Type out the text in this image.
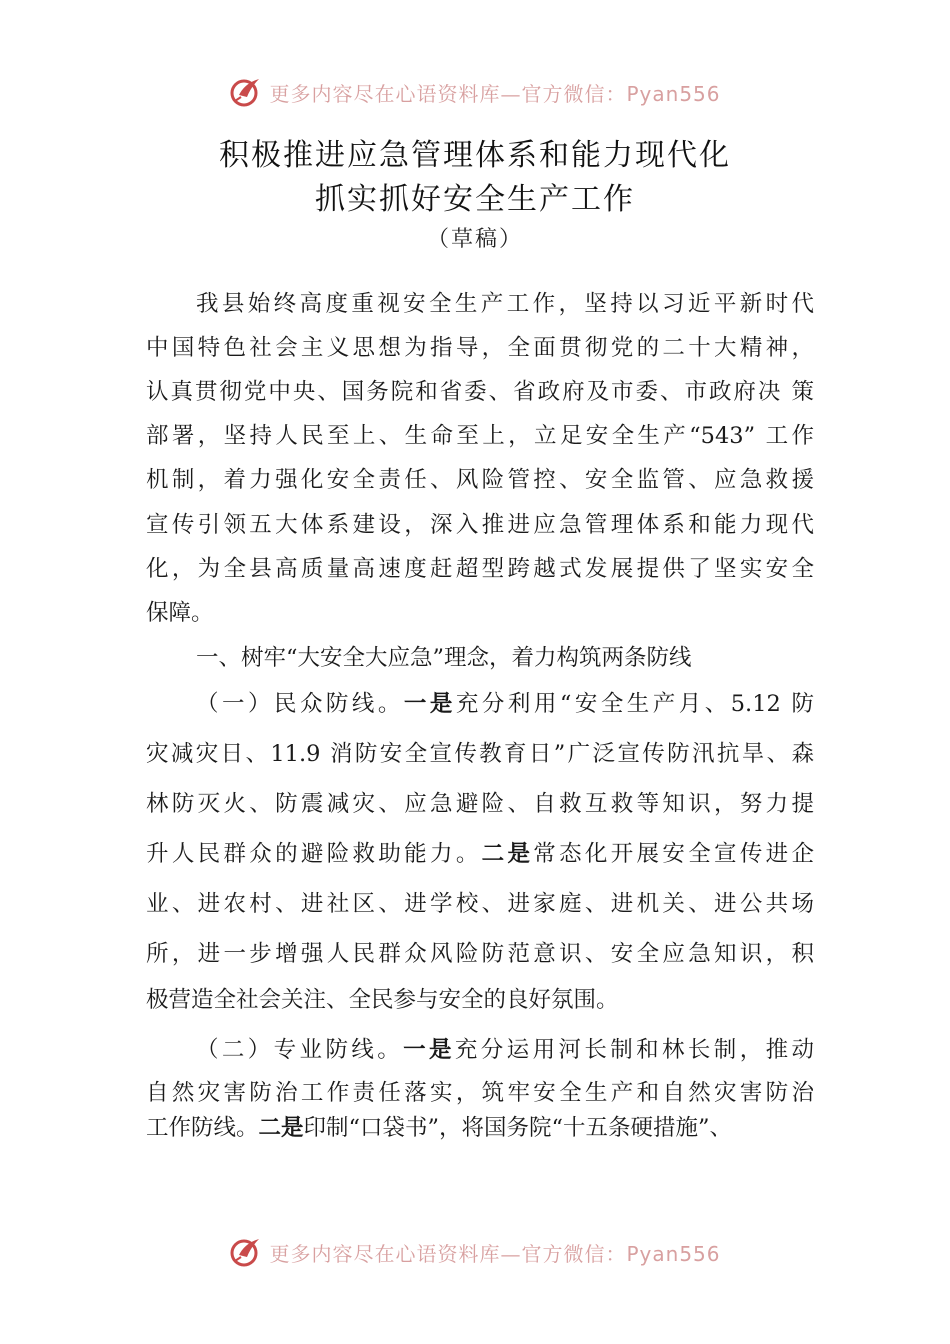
更多内容尽在心语资料库—官方微信：Pyan556
积极推进应急管理体系和能力现代化
抓实抓好安全生产工作
（草稿）
我县始终高度重视安全生产工作，坚持以习近平新时代
中国特色社会主义思想为指导，全面贯彻党的二十大精神，
认真贯彻党中央、国务院和省委、省政府及市委、市政府决 策
部署，坚持人民至上、生命至上，立足安全生产“543” 工作
机制，着力强化安全责任、风险管控、安全监管、应急救援
宣传引领五大体系建设，深入推进应急管理体系和能力现代
化，为全县高质量高速度赶超型跨越式发展提供了坚实安全
保障。
一、树牢“大安全大应急”理念，着力构筑两条防线
（一）民众防线。一是充分利用“安全生产月、5.12 防
灾减灾日、11.9 消防安全宣传教育日”广泛宣传防汛抗旱、森
林防灭火、防震减灾、应急避险、自救互救等知识，努力提
升人民群众的避险救助能力。二是常态化开展安全宣传进企
业、进农村、进社区、进学校、进家庭、进机关、进公共场
所，进一步增强人民群众风险防范意识、安全应急知识，积
极营造全社会关注、全民参与安全的良好氛围。
（二）专业防线。一是充分运用河长制和林长制，推动
自然灾害防治工作责任落实，筑牢安全生产和自然灾害防治
工作防线。二是印制“口袋书”，将国务院“十五条硬措施”、
更多内容尽在心语资料库—官方微信：Pyan556
